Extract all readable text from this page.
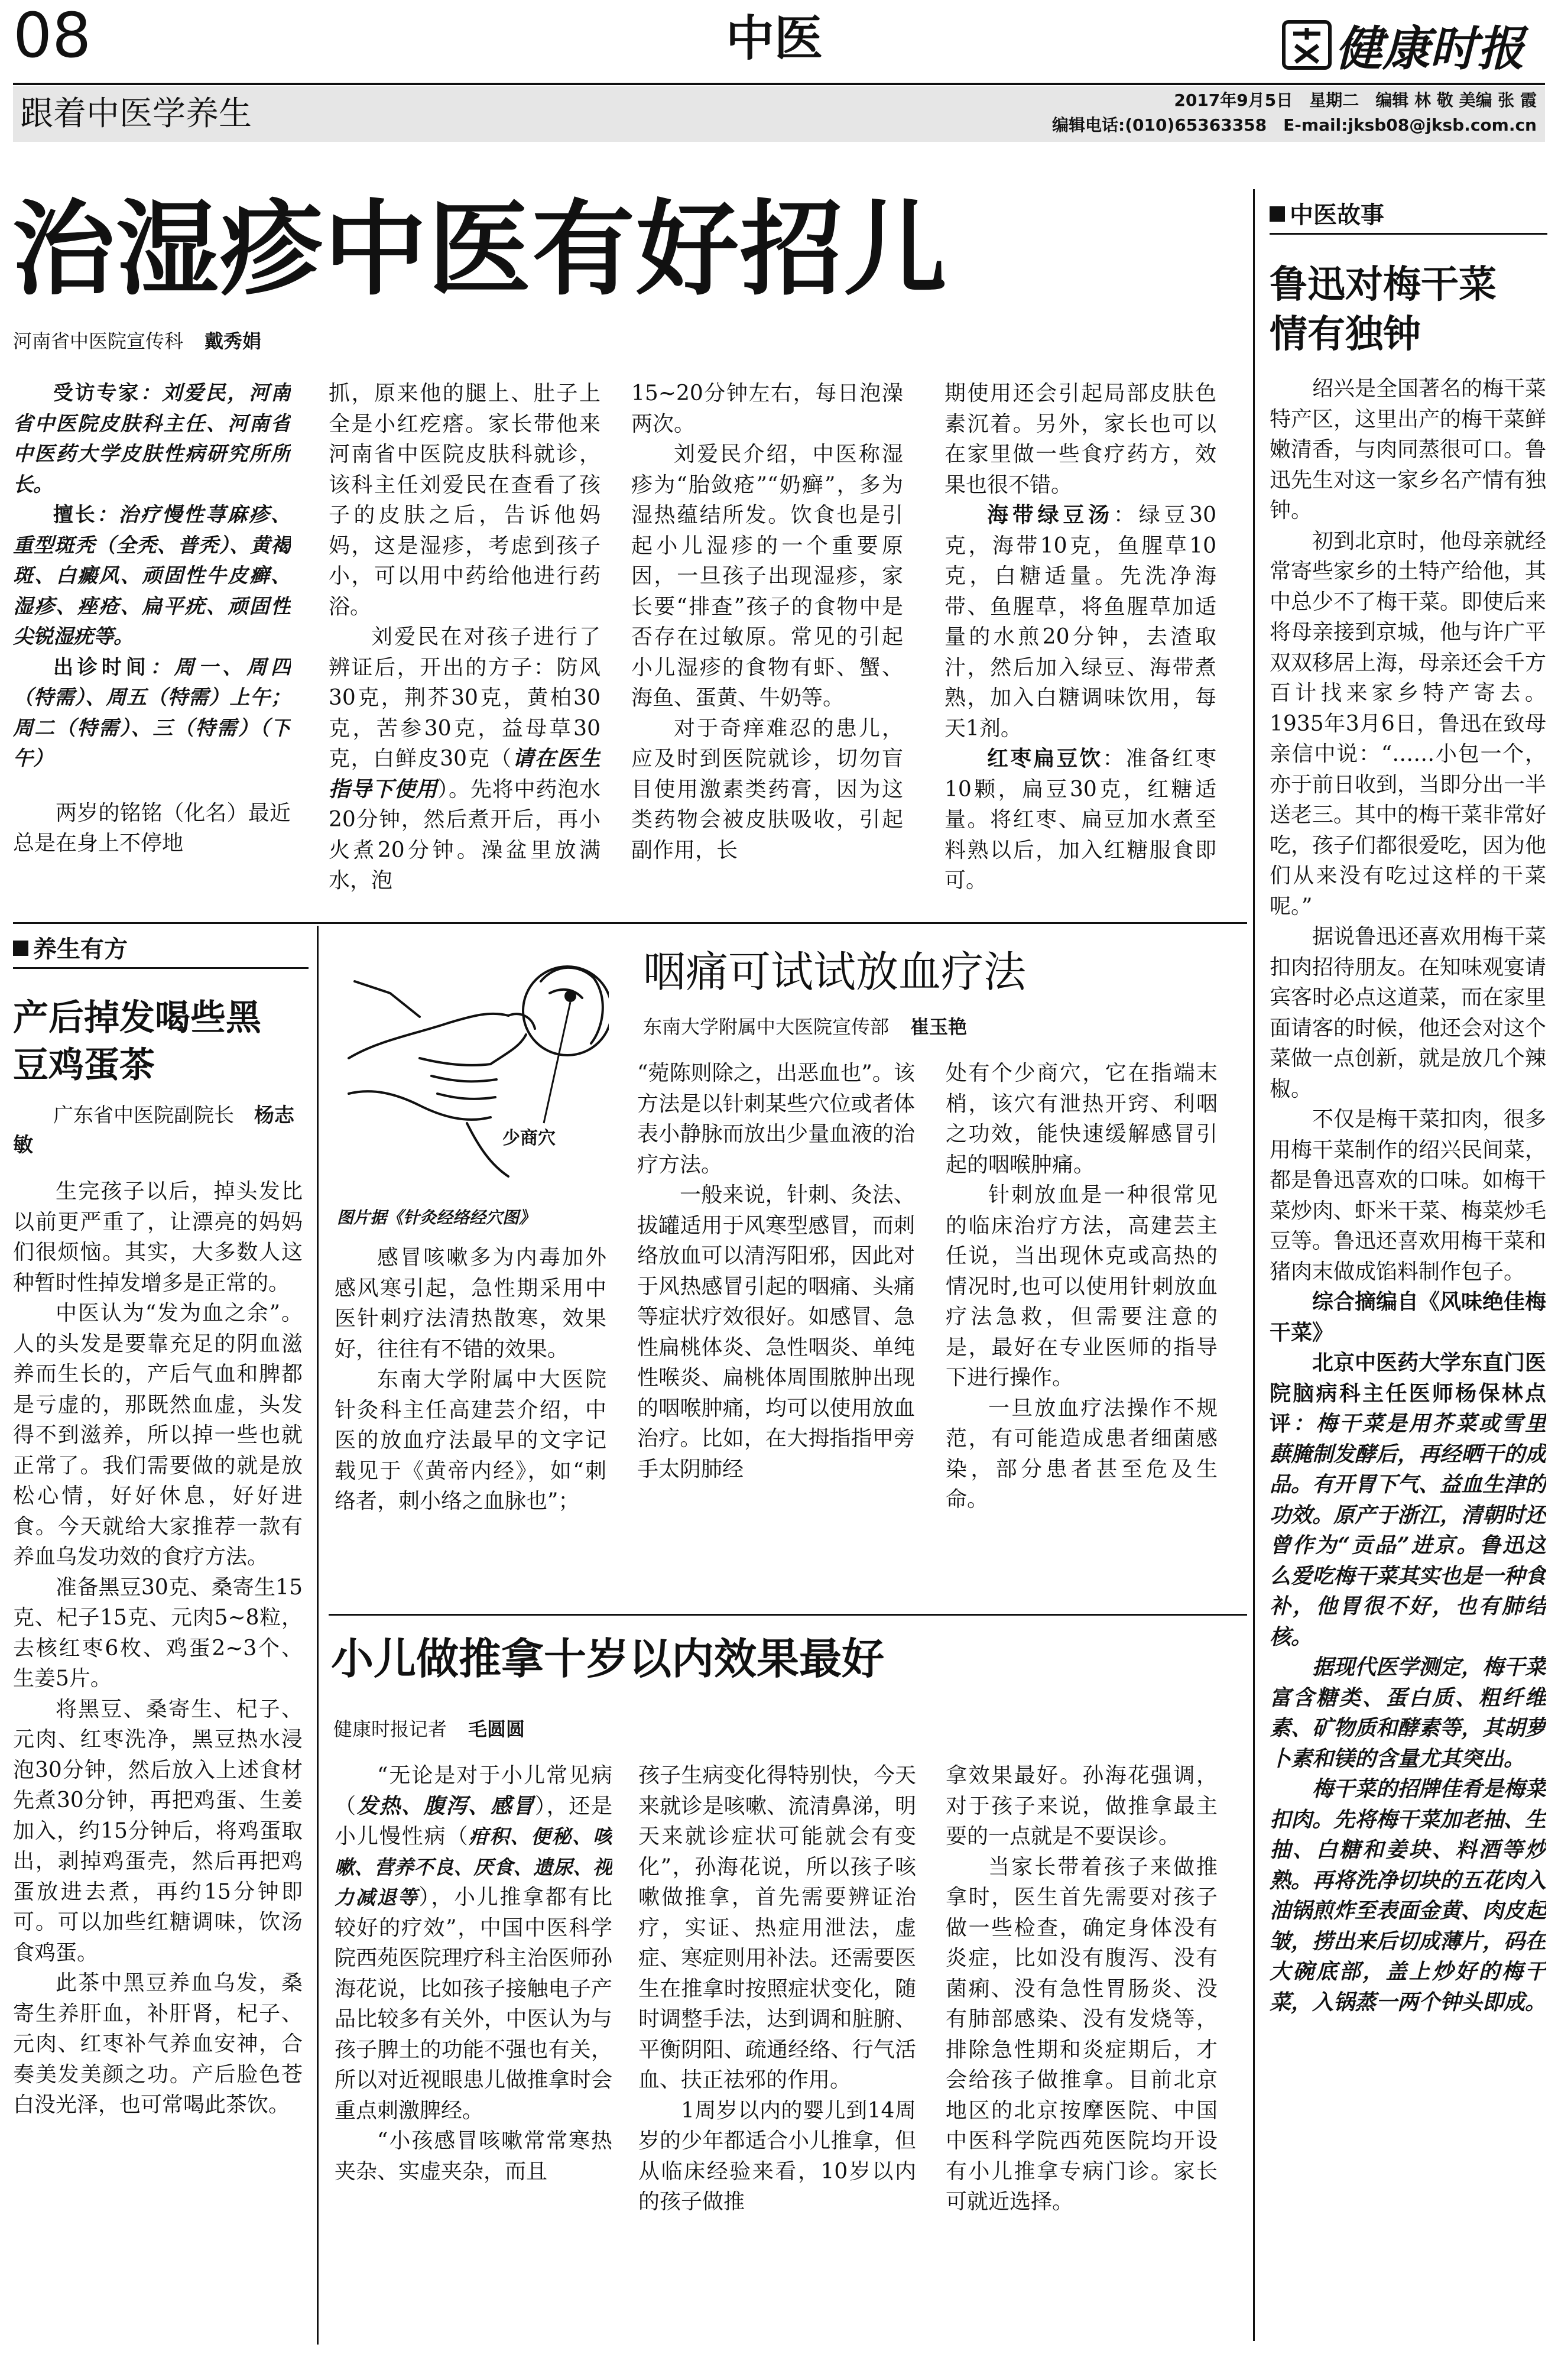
08	中医	健康时报
跟着中医学养生	2017年9月5日　星期二　编辑 林 敬 美编 张 霞
编辑电话:(010)65363358　E-mail:jksb08@jksb.com.cn
治湿疹中医有好招儿
河南省中医院宣传科 戴秀娟

受访专家：刘爱民，河南省中医院皮肤科主任、河南省中医药大学皮肤性病研究所所长。

擅长：治疗慢性荨麻疹、重型斑秃（全秃、普秃）、黄褐斑、白癜风、顽固性牛皮癣、湿疹、痤疮、扁平疣、顽固性尖锐湿疣等。

出诊时间：周一、周四（特需）、周五（特需）上午；周二（特需）、三（特需）（下午）

两岁的铭铭（化名）最近总是在身上不停地

抓，原来他的腿上、肚子上全是小红疙瘩。家长带他来河南省中医院皮肤科就诊，该科主任刘爱民在查看了孩子的皮肤之后，告诉他妈妈，这是湿疹，考虑到孩子小，可以用中药给他进行药浴。

刘爱民在对孩子进行了辨证后，开出的方子：防风30克，荆芥30克，黄柏30克，苦参30克，益母草30克，白鲜皮30克（请在医生指导下使用）。先将中药泡水20分钟，然后煮开后，再小火煮20分钟。澡盆里放满水，泡

15~20分钟左右，每日泡澡两次。

刘爱民介绍，中医称湿疹为“胎敛疮”“奶癣”，多为湿热蕴结所发。饮食也是引起小儿湿疹的一个重要原因，一旦孩子出现湿疹，家长要“排查”孩子的食物中是否存在过敏原。常见的引起小儿湿疹的食物有虾、蟹、海鱼、蛋黄、牛奶等。

对于奇痒难忍的患儿，应及时到医院就诊，切勿盲目使用激素类药膏，因为这类药物会被皮肤吸收，引起副作用，长

期使用还会引起局部皮肤色素沉着。另外，家长也可以在家里做一些食疗药方，效果也很不错。

海带绿豆汤：绿豆30克，海带10克，鱼腥草10克，白糖适量。先洗净海带、鱼腥草，将鱼腥草加适量的水煎20分钟，去渣取汁，然后加入绿豆、海带煮熟，加入白糖调味饮用，每天1剂。

红枣扁豆饮：准备红枣10颗，扁豆30克，红糖适量。将红枣、扁豆加水煮至料熟以后，加入红糖服食即可。

中医故事
鲁迅对梅干菜情有独钟

绍兴是全国著名的梅干菜特产区，这里出产的梅干菜鲜嫩清香，与肉同蒸很可口。鲁迅先生对这一家乡名产情有独钟。

初到北京时，他母亲就经常寄些家乡的土特产给他，其中总少不了梅干菜。即使后来将母亲接到京城，他与许广平双双移居上海，母亲还会千方百计找来家乡特产寄去。1935年3月6日，鲁迅在致母亲信中说：“……小包一个，亦于前日收到，当即分出一半送老三。其中的梅干菜非常好吃，孩子们都很爱吃，因为他们从来没有吃过这样的干菜呢。”

据说鲁迅还喜欢用梅干菜扣肉招待朋友。在知味观宴请宾客时必点这道菜，而在家里面请客的时候，他还会对这个菜做一点创新，就是放几个辣椒。

不仅是梅干菜扣肉，很多用梅干菜制作的绍兴民间菜，都是鲁迅喜欢的口味。如梅干菜炒肉、虾米干菜、梅菜炒毛豆等。鲁迅还喜欢用梅干菜和猪肉末做成馅料制作包子。

综合摘编自《风味绝佳梅干菜》

北京中医药大学东直门医院脑病科主任医师杨保林点评：梅干菜是用芥菜或雪里蕻腌制发酵后，再经晒干的成品。有开胃下气、益血生津的功效。原产于浙江，清朝时还曾作为“贡品”进京。鲁迅这么爱吃梅干菜其实也是一种食补，他胃很不好，也有肺结核。

据现代医学测定，梅干菜富含糖类、蛋白质、粗纤维素、矿物质和酵素等，其胡萝卜素和镁的含量尤其突出。

梅干菜的招牌佳肴是梅菜扣肉。先将梅干菜加老抽、生抽、白糖和姜块、料酒等炒熟。再将洗净切块的五花肉入油锅煎炸至表面金黄、肉皮起皱，捞出来后切成薄片，码在大碗底部，盖上炒好的梅干菜，入锅蒸一两个钟头即成。

养生有方
产后掉发喝些黑豆鸡蛋茶
广东省中医院副院长　 杨志敏

生完孩子以后，掉头发比以前更严重了，让漂亮的妈妈们很烦恼。其实，大多数人这种暂时性掉发增多是正常的。

中医认为“发为血之余”。人的头发是要靠充足的阴血滋养而生长的，产后气血和脾都是亏虚的，那既然血虚，头发得不到滋养，所以掉一些也就正常了。我们需要做的就是放松心情，好好休息，好好进食。今天就给大家推荐一款有养血乌发功效的食疗方法。

准备黑豆30克、桑寄生15克、杞子15克、元肉5~8粒，去核红枣6枚、鸡蛋2~3个、生姜5片。

将黑豆、桑寄生、杞子、元肉、红枣洗净，黑豆热水浸泡30分钟，然后放入上述食材先煮30分钟，再把鸡蛋、生姜加入，约15分钟后，将鸡蛋取出，剥掉鸡蛋壳，然后再把鸡蛋放进去煮，再约15分钟即可。可以加些红糖调味，饮汤食鸡蛋。

此茶中黑豆养血乌发，桑寄生养肝血，补肝肾，杞子、元肉、红枣补气养血安神，合奏美发美颜之功。产后脸色苍白没光泽，也可常喝此茶饮。

少商穴
图片据《针灸经络经穴图》
咽痛可试试放血疗法
东南大学附属中大医院宣传部 崔玉艳

感冒咳嗽多为内毒加外感风寒引起，急性期采用中医针刺疗法清热散寒，效果好，往往有不错的效果。

东南大学附属中大医院针灸科主任高建芸介绍，中医的放血疗法最早的文字记载见于《黄帝内经》，如“刺络者，刺小络之血脉也”；

“菀陈则除之，出恶血也”。该方法是以针刺某些穴位或者体表小静脉而放出少量血液的治疗方法。

一般来说，针刺、灸法、拔罐适用于风寒型感冒，而刺络放血可以清泻阳邪，因此对于风热感冒引起的咽痛、头痛等症状疗效很好。如感冒、急性扁桃体炎、急性咽炎、单纯性喉炎、扁桃体周围脓肿出现的咽喉肿痛，均可以使用放血治疗。比如，在大拇指指甲旁手太阴肺经

处有个少商穴，它在指端末梢，该穴有泄热开窍、利咽之功效，能快速缓解感冒引起的咽喉肿痛。

针刺放血是一种很常见的临床治疗方法，高建芸主任说，当出现休克或高热的情况时,也可以使用针刺放血疗法急救，但需要注意的是，最好在专业医师的指导下进行操作。

一旦放血疗法操作不规范，有可能造成患者细菌感染，部分患者甚至危及生命。

小儿做推拿十岁以内效果最好
健康时报记者 毛圆圆

“无论是对于小儿常见病（发热、腹泻、感冒），还是小儿慢性病（疳积、便秘、咳嗽、营养不良、厌食、遗尿、视力减退等），小儿推拿都有比较好的疗效”，中国中医科学院西苑医院理疗科主治医师孙海花说，比如孩子接触电子产品比较多有关外，中医认为与孩子脾土的功能不强也有关，所以对近视眼患儿做推拿时会重点刺激脾经。

“小孩感冒咳嗽常常寒热夹杂、实虚夹杂，而且

孩子生病变化得特别快，今天来就诊是咳嗽、流清鼻涕，明天来就诊症状可能就会有变化”，孙海花说，所以孩子咳嗽做推拿，首先需要辨证治疗，实证、热症用泄法，虚症、寒症则用补法。还需要医生在推拿时按照症状变化，随时调整手法，达到调和脏腑、平衡阴阳、疏通经络、行气活血、扶正祛邪的作用。

1周岁以内的婴儿到14周岁的少年都适合小儿推拿，但从临床经验来看，10岁以内的孩子做推

拿效果最好。孙海花强调，对于孩子来说，做推拿最主要的一点就是不要误诊。

当家长带着孩子来做推拿时，医生首先需要对孩子做一些检查，确定身体没有炎症，比如没有腹泻、没有菌痢、没有急性胃肠炎、没有肺部感染、没有发烧等，排除急性期和炎症期后，才会给孩子做推拿。目前北京地区的北京按摩医院、中国中医科学院西苑医院均开设有小儿推拿专病门诊。家长可就近选择。
